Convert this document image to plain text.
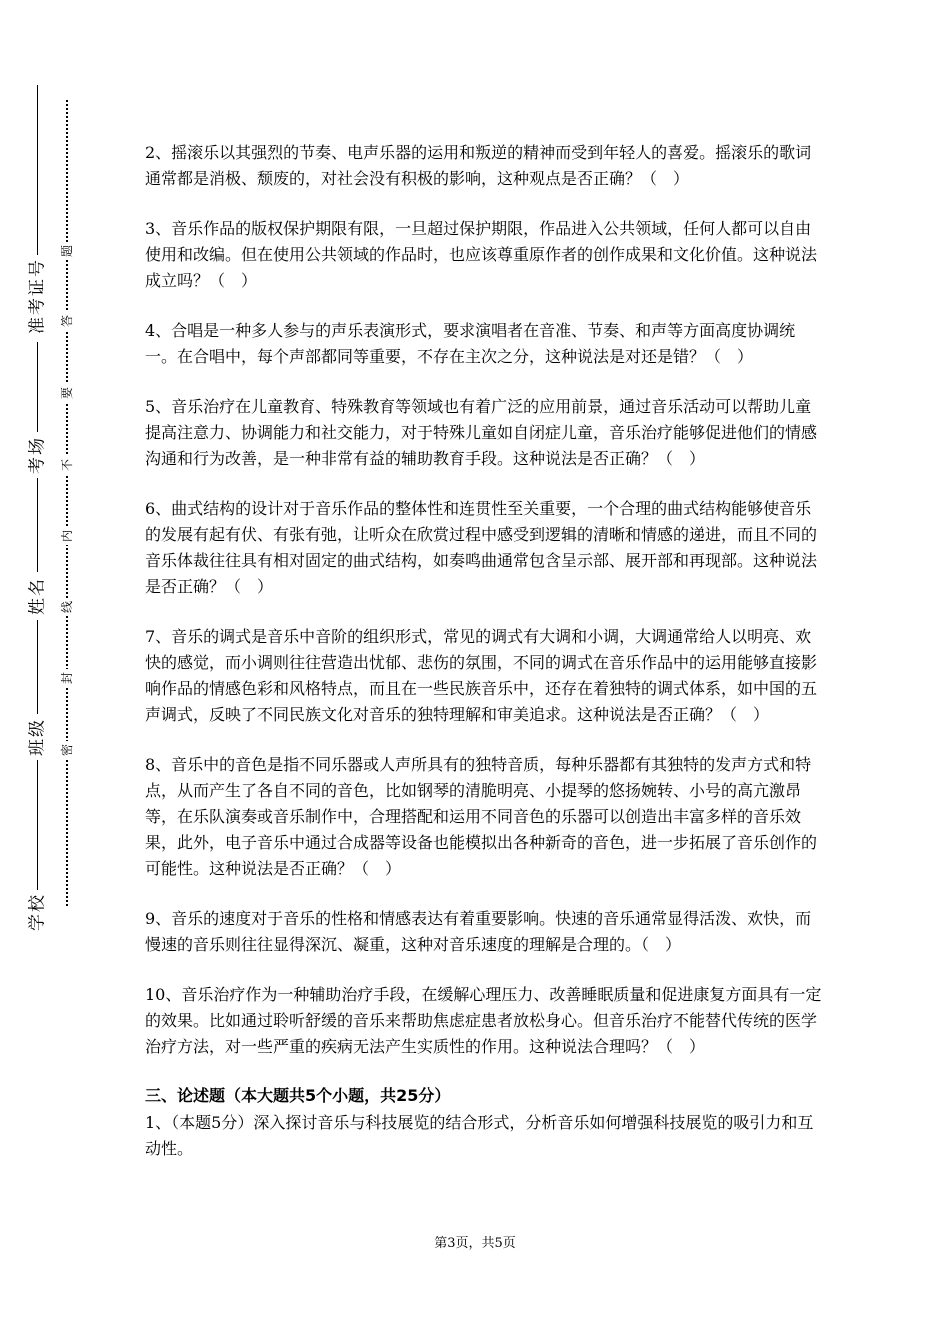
准考证号
考场
姓名
班级
学校
题
答
要
不
内
线
封
密

2、摇滚乐以其强烈的节奏、电声乐器的运用和叛逆的精神而受到年轻人的喜爱。摇滚乐的歌词通常都是消极、颓废的，对社会没有积极的影响，这种观点是否正确？（　）

3、音乐作品的版权保护期限有限，一旦超过保护期限，作品进入公共领域，任何人都可以自由使用和改编。但在使用公共领域的作品时，也应该尊重原作者的创作成果和文化价值。这种说法成立吗？（　）

4、合唱是一种多人参与的声乐表演形式，要求演唱者在音准、节奏、和声等方面高度协调统一。在合唱中，每个声部都同等重要，不存在主次之分，这种说法是对还是错？（　）

5、音乐治疗在儿童教育、特殊教育等领域也有着广泛的应用前景，通过音乐活动可以帮助儿童提高注意力、协调能力和社交能力，对于特殊儿童如自闭症儿童，音乐治疗能够促进他们的情感沟通和行为改善，是一种非常有益的辅助教育手段。这种说法是否正确？（　）

6、曲式结构的设计对于音乐作品的整体性和连贯性至关重要，一个合理的曲式结构能够使音乐的发展有起有伏、有张有弛，让听众在欣赏过程中感受到逻辑的清晰和情感的递进，而且不同的音乐体裁往往具有相对固定的曲式结构，如奏鸣曲通常包含呈示部、展开部和再现部。这种说法是否正确？（　）

7、音乐的调式是音乐中音阶的组织形式，常见的调式有大调和小调，大调通常给人以明亮、欢快的感觉，而小调则往往营造出忧郁、悲伤的氛围，不同的调式在音乐作品中的运用能够直接影响作品的情感色彩和风格特点，而且在一些民族音乐中，还存在着独特的调式体系，如中国的五声调式，反映了不同民族文化对音乐的独特理解和审美追求。这种说法是否正确？（　）

8、音乐中的音色是指不同乐器或人声所具有的独特音质，每种乐器都有其独特的发声方式和特点，从而产生了各自不同的音色，比如钢琴的清脆明亮、小提琴的悠扬婉转、小号的高亢激昂等，在乐队演奏或音乐制作中，合理搭配和运用不同音色的乐器可以创造出丰富多样的音乐效果，此外，电子音乐中通过合成器等设备也能模拟出各种新奇的音色，进一步拓展了音乐创作的可能性。这种说法是否正确？（　）

9、音乐的速度对于音乐的性格和情感表达有着重要影响。快速的音乐通常显得活泼、欢快，而慢速的音乐则往往显得深沉、凝重，这种对音乐速度的理解是合理的。（　）

10、音乐治疗作为一种辅助治疗手段，在缓解心理压力、改善睡眠质量和促进康复方面具有一定的效果。比如通过聆听舒缓的音乐来帮助焦虑症患者放松身心。但音乐治疗不能替代传统的医学治疗方法，对一些严重的疾病无法产生实质性的作用。这种说法合理吗？（　）

三、论述题（本大题共5个小题，共25分）

1、（本题5分）深入探讨音乐与科技展览的结合形式，分析音乐如何增强科技展览的吸引力和互动性。

第3页，共5页
